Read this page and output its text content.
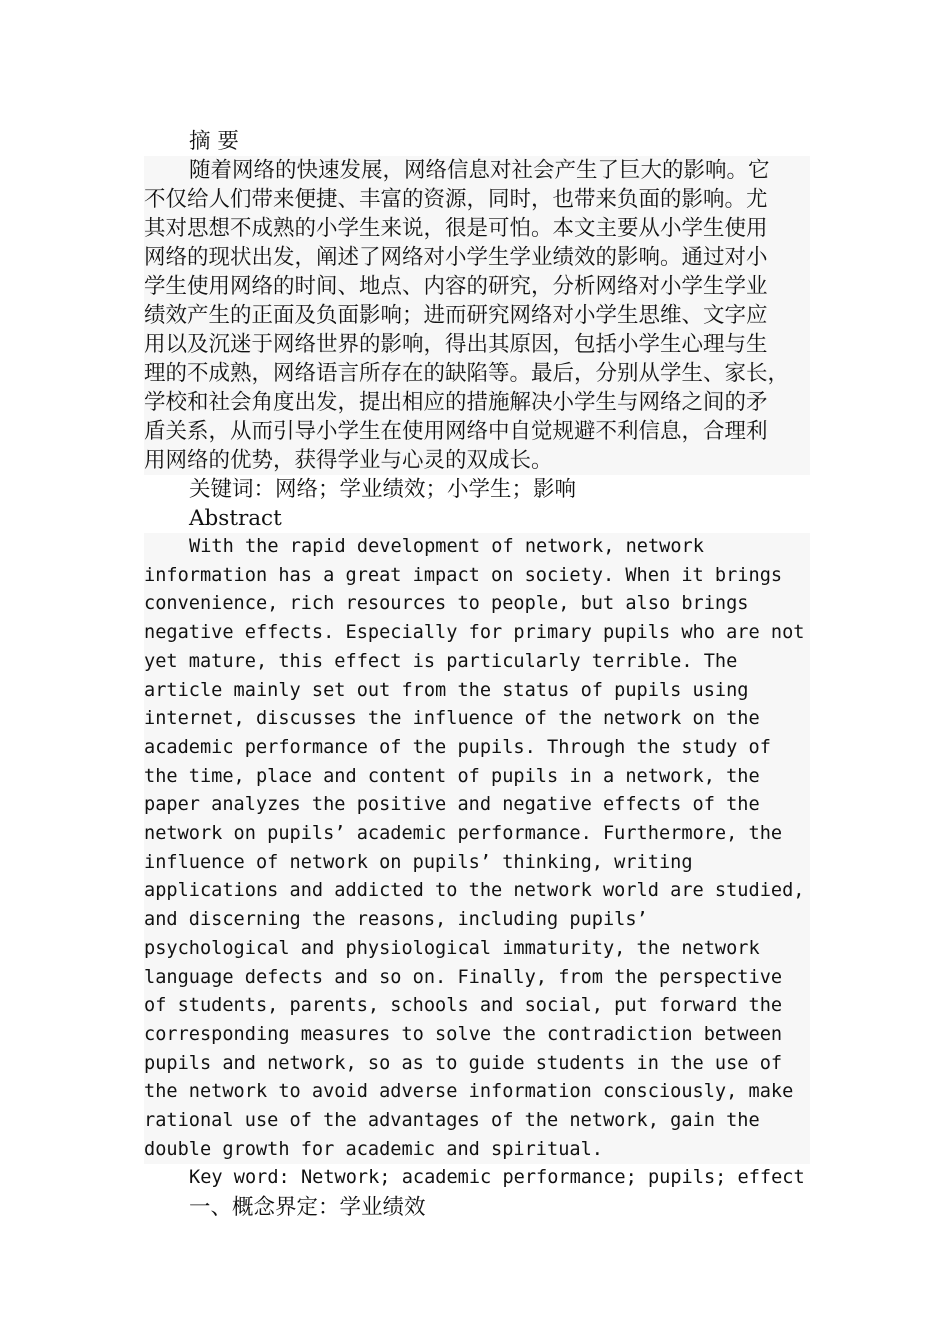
摘 要

随着网络的快速发展，网络信息对社会产生了巨大的影响。它
不仅给人们带来便捷、丰富的资源，同时，也带来负面的影响。尤
其对思想不成熟的小学生来说，很是可怕。本文主要从小学生使用
网络的现状出发，阐述了网络对小学生学业绩效的影响。通过对小
学生使用网络的时间、地点、内容的研究，分析网络对小学生学业
绩效产生的正面及负面影响；进而研究网络对小学生思维、文字应
用以及沉迷于网络世界的影响，得出其原因，包括小学生心理与生
理的不成熟，网络语言所存在的缺陷等。最后，分别从学生、家长，
学校和社会角度出发，提出相应的措施解决小学生与网络之间的矛
盾关系，从而引导小学生在使用网络中自觉规避不利信息，合理利
用网络的优势，获得学业与心灵的双成长。

关键词：网络；学业绩效；小学生；影响

Abstract

With the rapid development of network, network
information has a great impact on society. When it brings
convenience, rich resources to people, but also brings
negative effects. Especially for primary pupils who are not
yet mature, this effect is particularly terrible. The
article mainly set out from the status of pupils using
internet, discusses the influence of the network on the
academic performance of the pupils. Through the study of
the time, place and content of pupils in a network, the
paper analyzes the positive and negative effects of the
network on pupils’ academic performance. Furthermore, the
influence of network on pupils’ thinking, writing
applications and addicted to the network world are studied,
and discerning the reasons, including pupils’
psychological and physiological immaturity, the network
language defects and so on. Finally, from the perspective
of students, parents, schools and social, put forward the
corresponding measures to solve the contradiction between
pupils and network, so as to guide students in the use of
the network to avoid adverse information consciously, make
rational use of the advantages of the network, gain the
double growth for academic and spiritual.

Key word: Network; academic performance; pupils; effect

一、概念界定：学业绩效
